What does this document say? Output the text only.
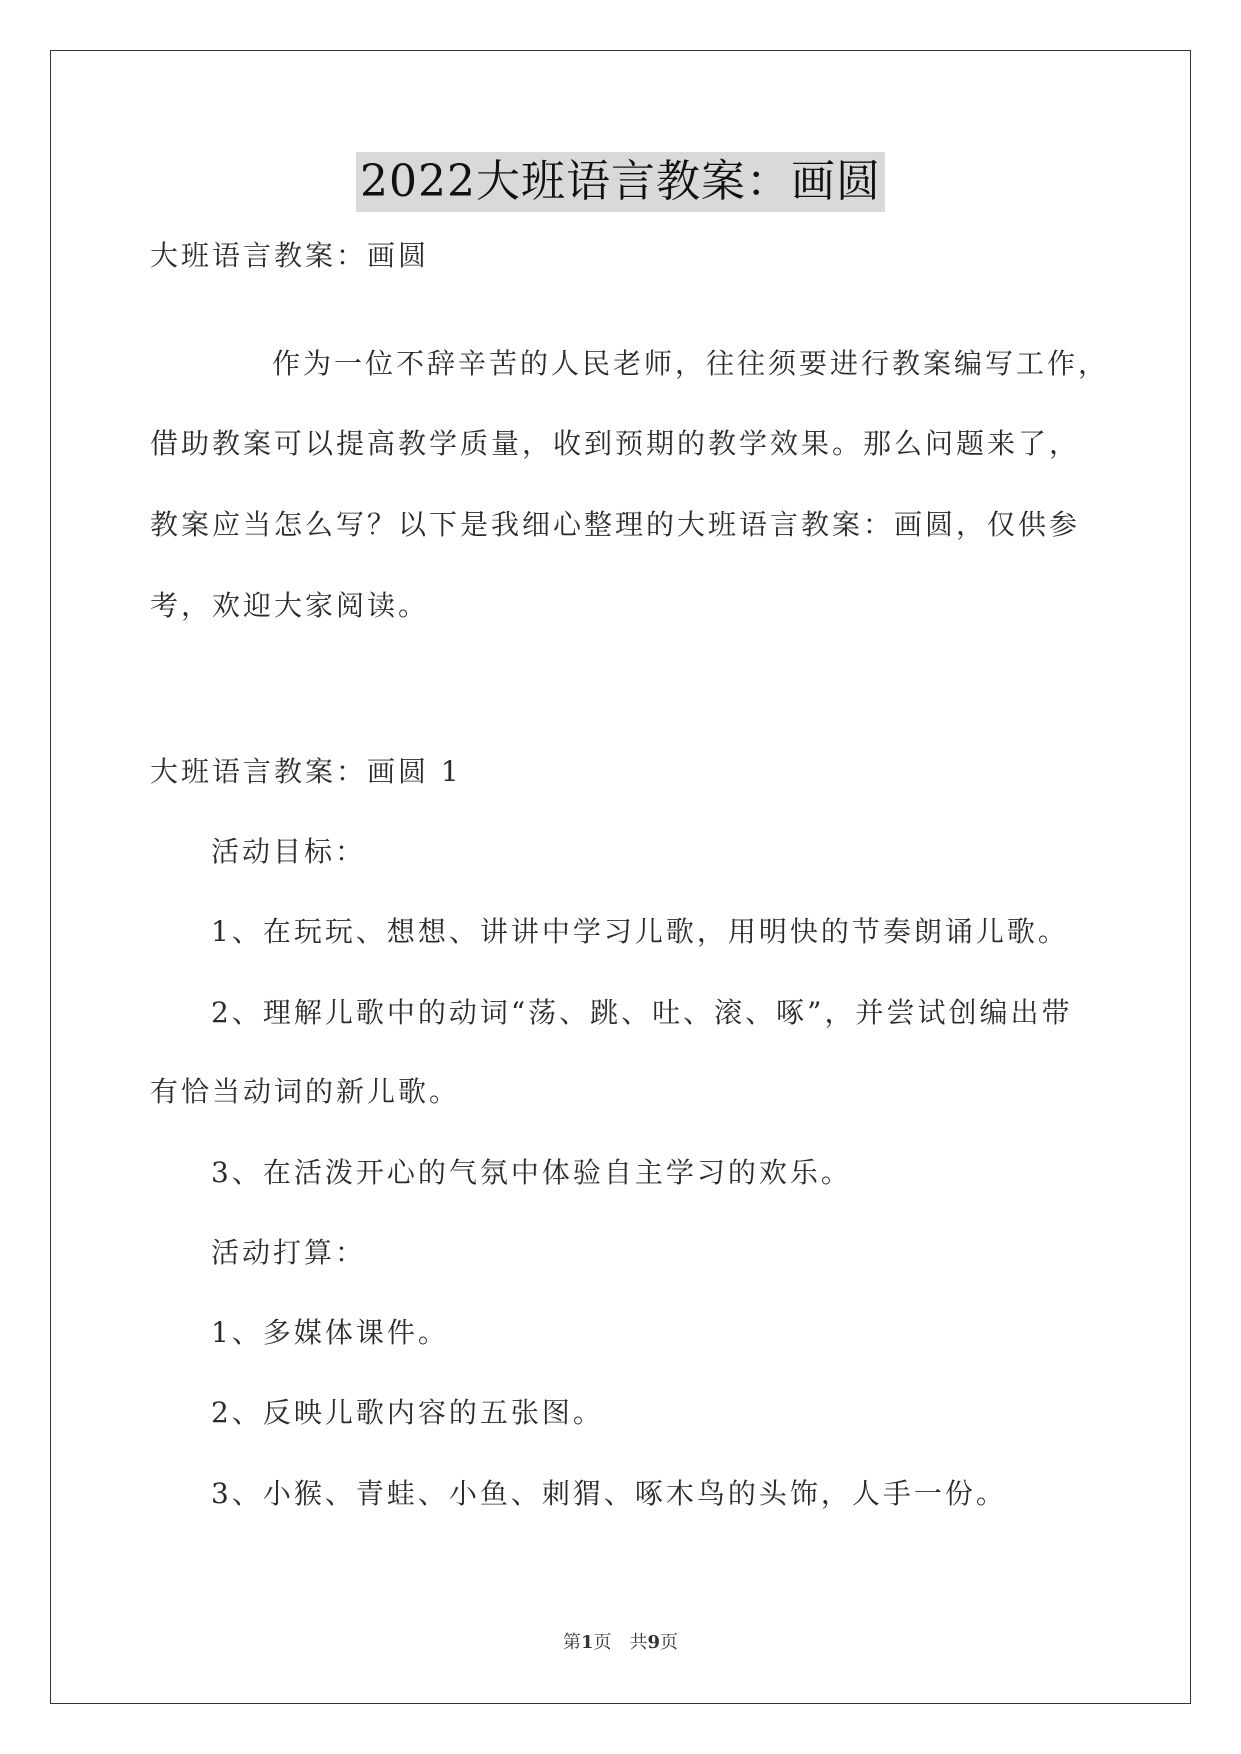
2022大班语言教案：画圆
大班语言教案：画圆
作为一位不辞辛苦的人民老师，往往须要进行教案编写工作，
借助教案可以提高教学质量，收到预期的教学效果。那么问题来了，
教案应当怎么写？以下是我细心整理的大班语言教案：画圆，仅供参
考，欢迎大家阅读。
大班语言教案：画圆 1
活动目标：
1、在玩玩、想想、讲讲中学习儿歌，用明快的节奏朗诵儿歌。
2、理解儿歌中的动词“荡、跳、吐、滚、啄”，并尝试创编出带
有恰当动词的新儿歌。
3、在活泼开心的气氛中体验自主学习的欢乐。
活动打算：
1、多媒体课件。
2、反映儿歌内容的五张图。
3、小猴、青蛙、小鱼、刺猬、啄木鸟的头饰，人手一份。
第1页　共9页
